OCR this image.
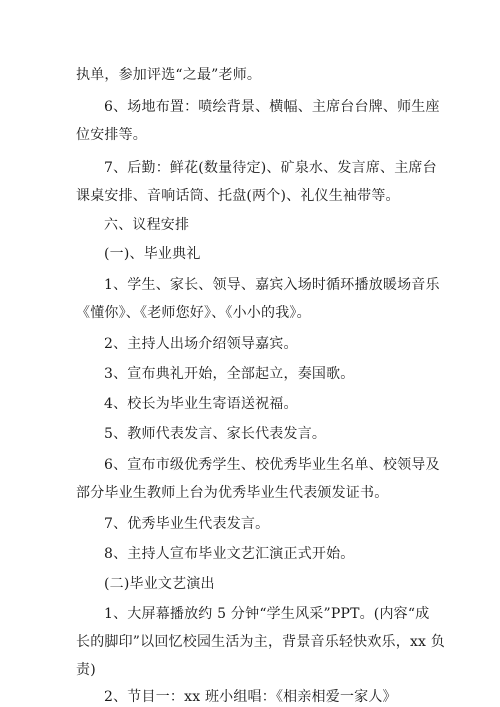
执单，参加评选“之最”老师。
6、场地布置：喷绘背景、横幅、主席台台牌、师生座
位安排等。
7、后勤：鲜花(数量待定)、矿泉水、发言席、主席台
课桌安排、音响话筒、托盘(两个)、礼仪生袖带等。
六、议程安排
(一)、毕业典礼
1、学生、家长、领导、嘉宾入场时循环播放暖场音乐
《懂你》、《老师您好》、《小小的我》。
2、主持人出场介绍领导嘉宾。
3、宣布典礼开始，全部起立，奏国歌。
4、校长为毕业生寄语送祝福。
5、教师代表发言、家长代表发言。
6、宣布市级优秀学生、校优秀毕业生名单、校领导及
部分毕业生教师上台为优秀毕业生代表颁发证书。
7、优秀毕业生代表发言。
8、主持人宣布毕业文艺汇演正式开始。
(二)毕业文艺演出
1、大屏幕播放约 5 分钟“学生风采”PPT。(内容“成
长的脚印”以回忆校园生活为主，背景音乐轻快欢乐，xx 负
责)
2、节目一：xx 班小组唱：《相亲相爱一家人》
